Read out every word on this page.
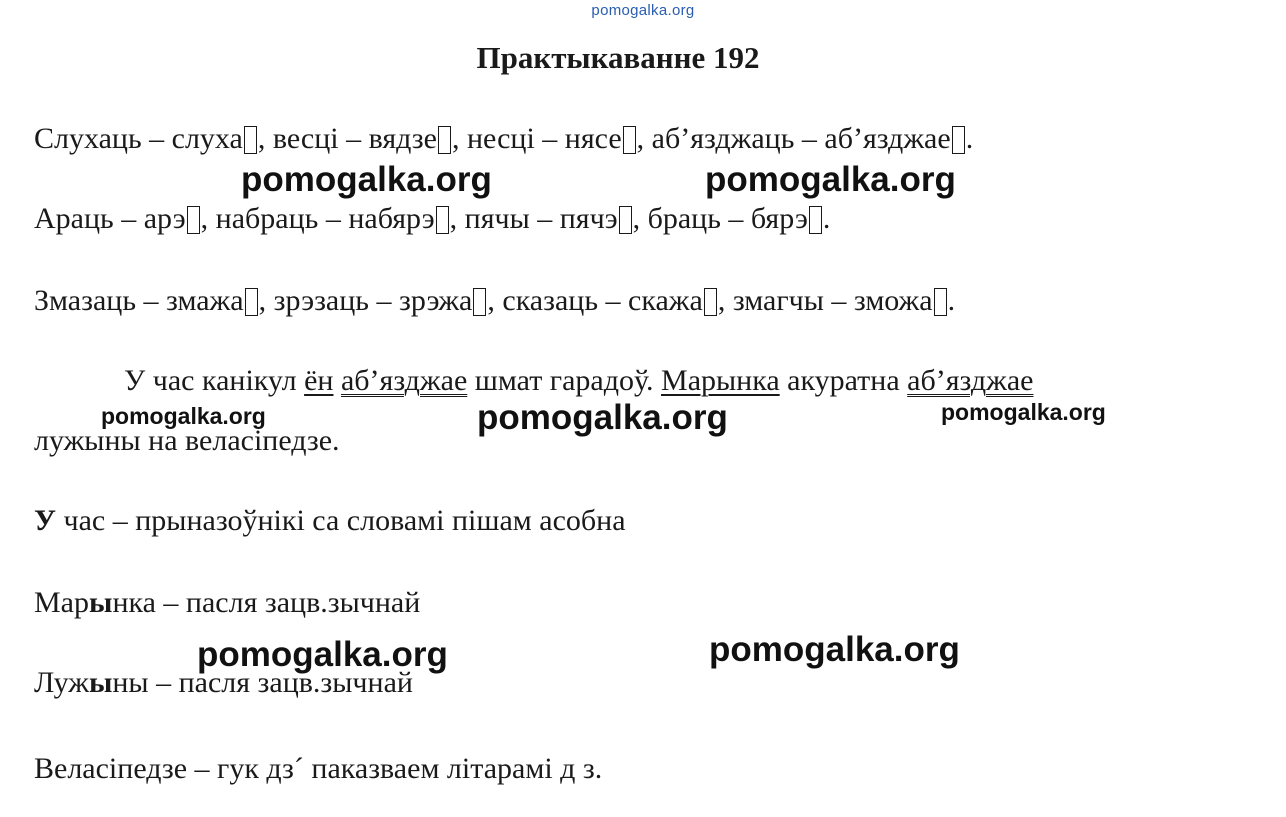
pomogalka.org
Практыкаванне 192
Слухаць – слуха , весці – вядзе , несці – нясе , аб’язджаць – аб’язджае .
Араць – арэ , набраць – набярэ , пячы – пячэ , браць – бярэ .
Змазаць – змажа , зрэзаць – зрэжа , сказаць – скажа , змагчы – зможа .
У час канікул ён аб’язджае шмат гарадоў. Марынка акуратна аб’язджае
лужыны на веласіпедзе.
У час – прыназоўнікі са словамі пішам асобна
Марынка – пасля зацв.зычнай
Лужыны – пасля зацв.зычнай
Веласіпедзе – гук дз´ паказваем літарамі д з.
pomogalka.org	pomogalka.org
pomogalka.org	pomogalka.org	pomogalka.org
pomogalka.org	pomogalka.org
